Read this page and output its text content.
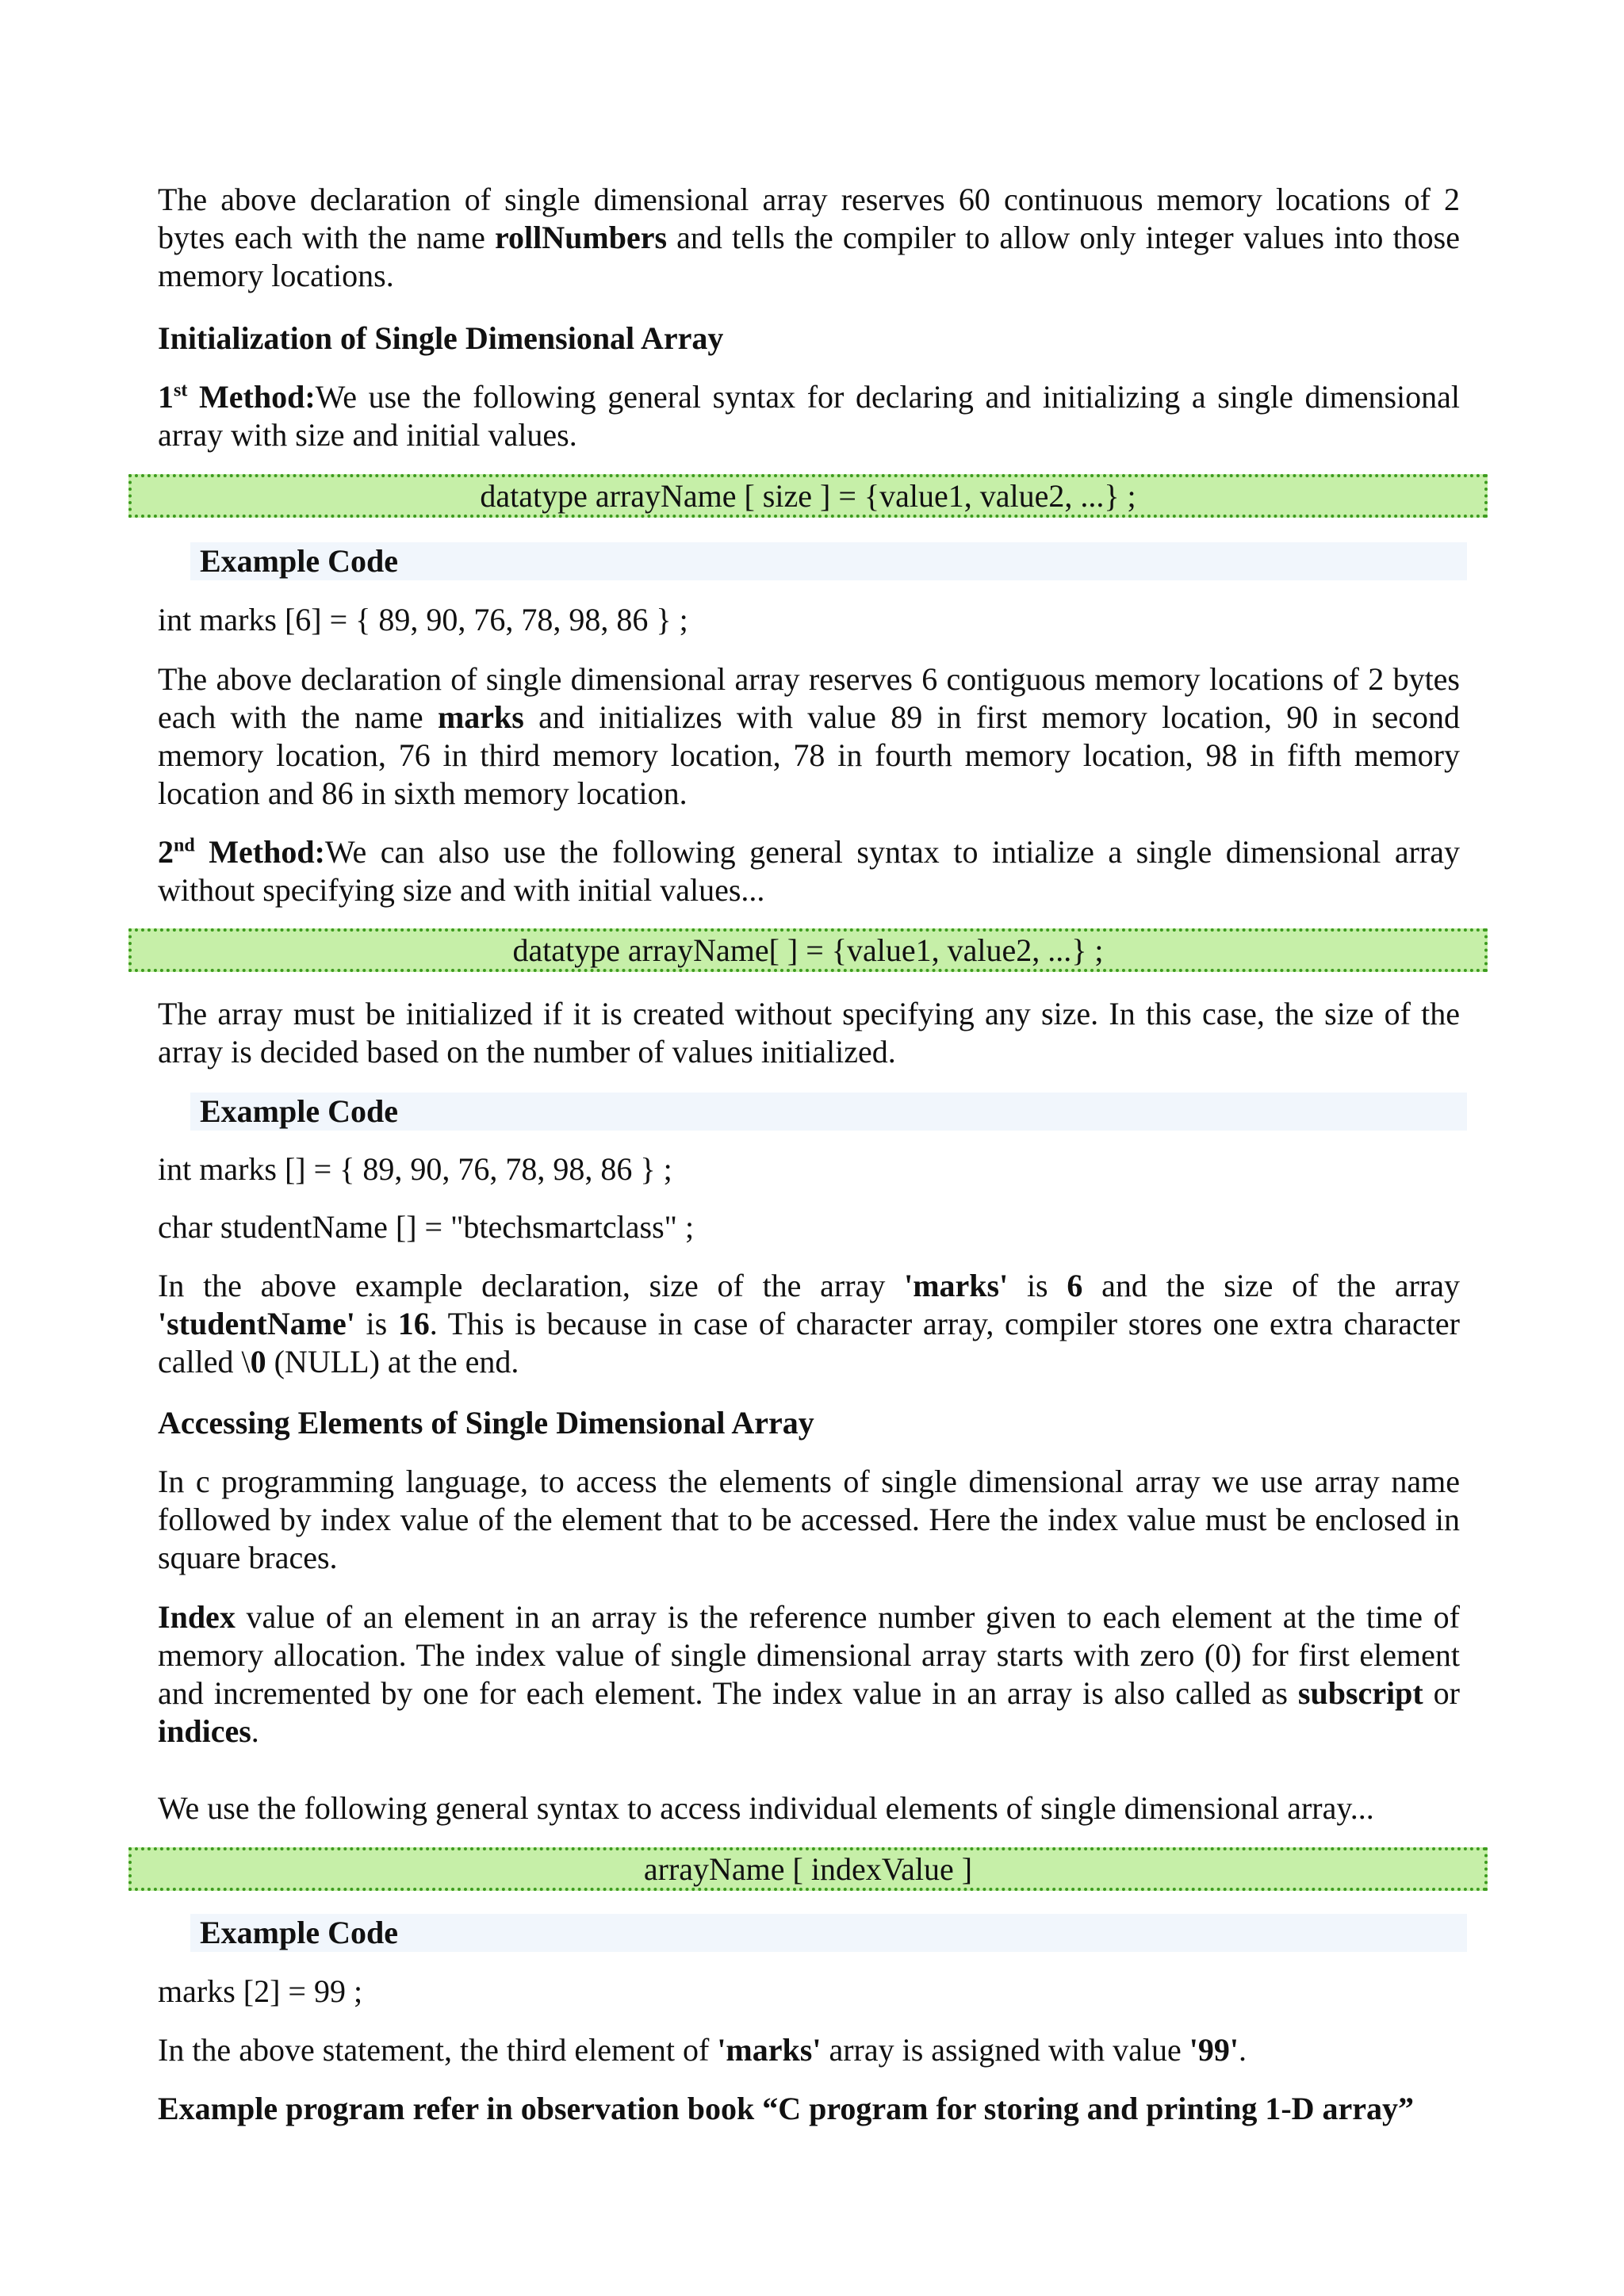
The above declaration of single dimensional array reserves 60 continuous memory locations of 2 bytes each with the name rollNumbers and tells the compiler to allow only integer values into those memory locations.

Initialization of Single Dimensional Array

1st Method:We use the following general syntax for declaring and initializing a single dimensional array with size and initial values.

datatype arrayName [ size ] = {value1, value2, ...} ;
Example Code

int marks [6] = { 89, 90, 76, 78, 98, 86 } ;

The above declaration of single dimensional array reserves 6 contiguous memory locations of 2 bytes each with the name marks and initializes with value 89 in first memory location, 90 in second memory location, 76 in third memory location, 78 in fourth memory location, 98 in fifth memory location and 86 in sixth memory location.

2nd Method:We can also use the following general syntax to intialize a single dimensional array without specifying size and with initial values...

datatype arrayName[ ] = {value1, value2, ...} ;

The array must be initialized if it is created without specifying any size. In this case, the size of the array is decided based on the number of values initialized.

Example Code

int marks [] = { 89, 90, 76, 78, 98, 86 } ;

char studentName [] = "btechsmartclass" ;

In the above example declaration, size of the array 'marks' is 6 and the size of the array 'studentName' is 16. This is because in case of character array, compiler stores one extra character called \0 (NULL) at the end.

Accessing Elements of Single Dimensional Array

In c programming language, to access the elements of single dimensional array we use array name followed by index value of the element that to be accessed. Here the index value must be enclosed in square braces.

Index value of an element in an array is the reference number given to each element at the time of memory allocation. The index value of single dimensional array starts with zero (0) for first element and incremented by one for each element. The index value in an array is also called as subscript or indices.

We use the following general syntax to access individual elements of single dimensional array...

arrayName [ indexValue ]
Example Code

marks [2] = 99 ;

In the above statement, the third element of 'marks' array is assigned with value '99'.

Example program refer in observation book “C program for storing and printing 1-D array”
